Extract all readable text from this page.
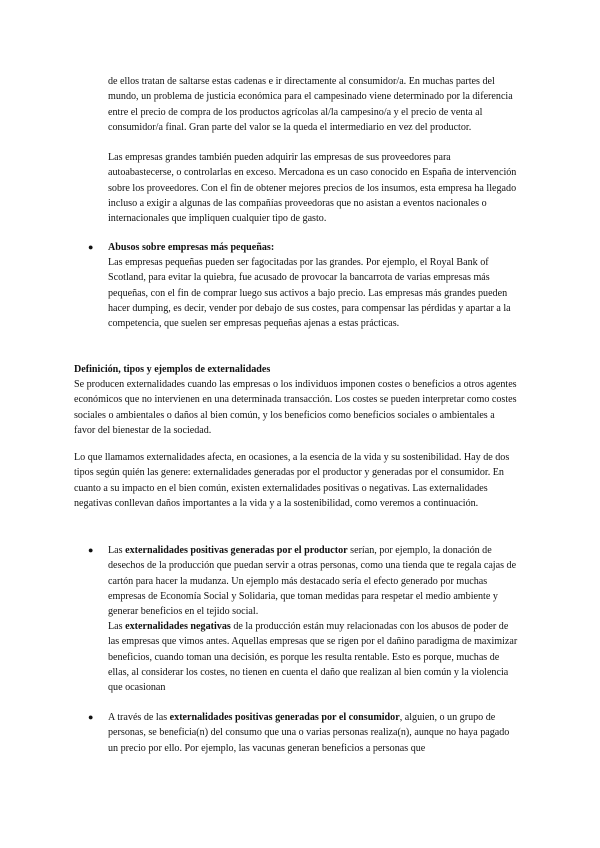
de ellos tratan de saltarse estas cadenas e ir directamente al consumidor/a. En muchas partes del mundo, un problema de justicia económica para el campesinado viene determinado por la diferencia entre el precio de compra de los productos agrícolas al/la campesino/a y el precio de venta al consumidor/a final. Gran parte del valor se la queda el intermediario en vez del productor.

Las empresas grandes también pueden adquirir las empresas de sus proveedores para autoabastecerse, o controlarlas en exceso. Mercadona es un caso conocido en España de intervención sobre los proveedores. Con el fin de obtener mejores precios de los insumos, esta empresa ha llegado incluso a exigir a algunas de las compañías proveedoras que no asistan a eventos nacionales o internacionales que impliquen cualquier tipo de gasto.

● Abusos sobre empresas más pequeñas:

Las empresas pequeñas pueden ser fagocitadas por las grandes. Por ejemplo, el Royal Bank of Scotland, para evitar la quiebra, fue acusado de provocar la bancarrota de varias empresas más pequeñas, con el fin de comprar luego sus activos a bajo precio. Las empresas más grandes pueden hacer dumping, es decir, vender por debajo de sus costes, para compensar las pérdidas y apartar a la competencia, que suelen ser empresas pequeñas ajenas a estas prácticas.

Definición, tipos y ejemplos de externalidades

Se producen externalidades cuando las empresas o los individuos imponen costes o beneficios a otros agentes económicos que no intervienen en una determinada transacción. Los costes se pueden interpretar como costes sociales o ambientales o daños al bien común, y los beneficios como beneficios sociales o ambientales a favor del bienestar de la sociedad.

Lo que llamamos externalidades afecta, en ocasiones, a la esencia de la vida y su sostenibilidad. Hay de dos tipos según quién las genere: externalidades generadas por el productor y generadas por el consumidor. En cuanto a su impacto en el bien común, existen externalidades positivas o negativas. Las externalidades negativas conllevan daños importantes a la vida y a la sostenibilidad, como veremos a continuación.

● Las externalidades positivas generadas por el productor serían, por ejemplo, la donación de desechos de la producción que puedan servir a otras personas, como una tienda que te regala cajas de cartón para hacer la mudanza. Un ejemplo más destacado sería el efecto generado por muchas empresas de Economía Social y Solidaria, que toman medidas para respetar el medio ambiente y generar beneficios en el tejido social.

Las externalidades negativas de la producción están muy relacionadas con los abusos de poder de las empresas que vimos antes. Aquellas empresas que se rigen por el dañino paradigma de maximizar beneficios, cuando toman una decisión, es porque les resulta rentable. Esto es porque, muchas de ellas, al considerar los costes, no tienen en cuenta el daño que realizan al bien común y la violencia que ocasionan

● A través de las externalidades positivas generadas por el consumidor, alguien, o un grupo de personas, se beneficia(n) del consumo que una o varias personas realiza(n), aunque no haya pagado un precio por ello. Por ejemplo, las vacunas generan beneficios a personas que
